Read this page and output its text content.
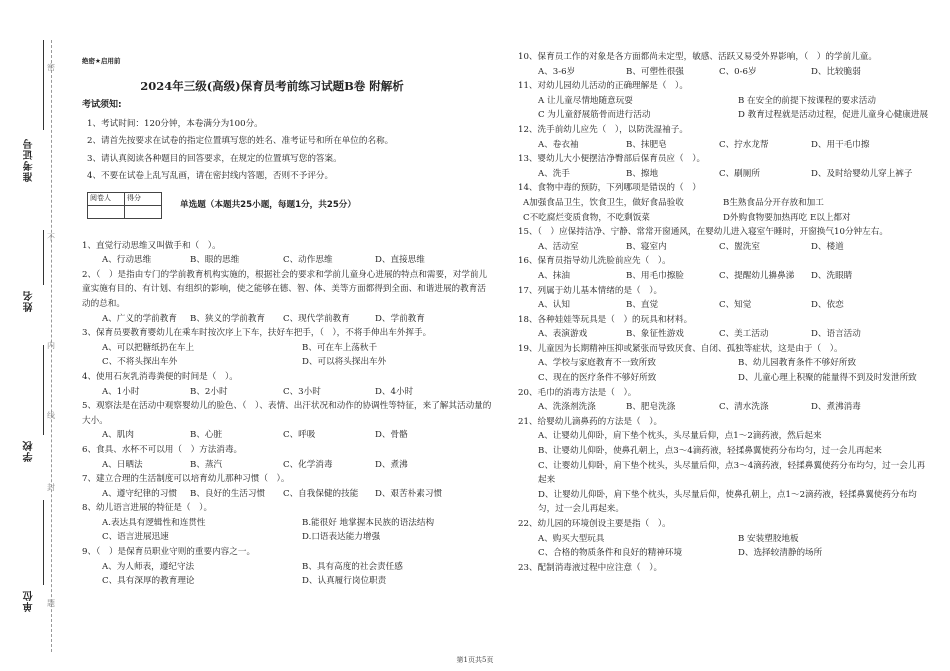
准考证号
姓名
学校
单位
密
不
内
线
封
题
绝密★启用前
2024年三级(高级)保育员考前练习试题B卷 附解析
考试须知:
1、考试时间：120分钟，本卷满分为100分。
2、请首先按要求在试卷的指定位置填写您的姓名、准考证号和所在单位的名称。
3、请认真阅读各种题目的回答要求，在规定的位置填写您的答案。
4、不要在试卷上乱写乱画，请在密封线内答题，否则不予评分。
阅卷人	得分

单选题（本题共25小题，每题1分，共25分）
1、直觉行动思维又叫做手和（　）。
A、行动思维	B、眼的思维	C、动作思维	D、直接思维
2、（　）是指由专门的学前教育机构实施的，根据社会的要求和学前儿童身心进展的特点和需要，对学前儿童实施有目的、有计划、有组织的影响，使之能够在德、智、体、美等方面都得到全面、和谐进展的教育活动的总和。
A、广义的学前教育	B、狭义的学前教育	C、现代学前教育	D、学前教育
3、保育员要教育婴幼儿在乘车时按次序上下车，扶好车把手，（　），不将手伸出车外挥手。
A、可以把糖纸扔在车上	B、可在车上荡秋千
C、不将头探出车外	D、可以将头探出车外
4、使用石灰乳消毒粪便的时间是（　）。
A、1小时	B、2小时	C、3小时	D、4小时
5、观察法是在活动中观察婴幼儿的脸色、（　）、表情、出汗状况和动作的协调性等特征，来了解其活动量的大小。
A、肌肉	B、心脏	C、呼吸	D、骨骼
6、食具、水杯不可以用（　）方法消毒。
A、日晒法	B、蒸汽	C、化学消毒	D、煮沸
7、建立合理的生活制度可以培育幼儿那种习惯（　）。
A、遵守纪律的习惯	B、良好的生活习惯	C、自我保健的技能	D、艰苦朴素习惯
8、幼儿语言进展的特征是（　）。
A.表达具有逻辑性和连贯性	B.能很好 地掌握本民族的语法结构
C、语言进展迅速	D.口语表达能力增强
9、（　）是保育员职业守则的重要内容之一。
A、为人师表，遵纪守法	B、具有高度的社会责任感
C、具有深厚的教育理论	D、认真履行岗位职责
10、保育员工作的对象是各方面都尚未定型，敏感、活跃又易受外界影响，（　）的学前儿童。
A、3-6岁	B、可塑性很强	C、0-6岁	D、比较脆弱
11、对幼儿园幼儿活动的正确理解是（　）。
A 让儿童尽情地随意玩耍	B 在安全的前提下按课程的要求活动
C 为儿童舒展筋骨而进行活动	D 教育过程就是活动过程，促进儿童身心健康进展
12、洗手前幼儿应先（　），以防洗湿袖子。
A、卷衣袖	B、抹肥皂	C、拧水龙帮	D、用干毛巾擦
13、婴幼儿大小便摆洁净臀部后保育员应（　）。
A、洗手	B、擦地	C、刷厕所	D、及时给婴幼儿穿上裤子
14、食物中毒的预防，下列哪项是错误的（　）
A加强食品卫生，饮食卫生，做好食品验收	B生熟食品分开存放和加工
C不吃腐烂变质食物，不吃剩饭菜	D外购食物要加热再吃 E以上都对
15、（　）应保持洁净、宁静、常常开窗通风，在婴幼儿进入寝室午睡时，开窗换气10分钟左右。
A、活动室	B、寝室内	C、盥洗室	D、楼道
16、保育员指导幼儿洗脸前应先（　）。
A、抹油	B、用毛巾擦脸	C、提醒幼儿擤鼻涕	D、洗眼睛
17、列属于幼儿基本情绪的是（　）。
A、认知	B、直觉	C、知觉	D、依恋
18、各种娃娃等玩具是（　）的玩具和材料。
A、表演游戏	B、象征性游戏	C、美工活动	D、语言活动
19、儿童因为长期精神压抑或紧张而导致厌食、自闭、孤独等症状，这是由于（　）。
A、学校与家庭教育不一致所致	B、幼儿园教育条件不够好所致
C、现在的医疗条件不够好所致	D、儿童心理上积聚的能量得不到及时发泄所致
20、毛巾的消毒方法是（　）。
A、洗涤剂洗涤	B、肥皂洗涤	C、清水洗涤	D、煮沸消毒
21、给婴幼儿滴鼻药的方法是（　）。
A、让婴幼儿仰卧，肩下垫个枕头，头尽量后仰，点1～2滴药液，然后起来
B、让婴幼儿仰卧，使鼻孔朝上，点3～4滴药液，轻揉鼻翼使药分布均匀，过一会儿再起来
C、让婴幼儿仰卧，肩下垫个枕头，头尽量后仰，点3～4滴药液，轻揉鼻翼使药分布均匀，过一会儿再起来
D、让婴幼儿仰卧，肩下垫个枕头，头尽量后仰，使鼻孔朝上，点1～2滴药液，轻揉鼻翼使药分布均匀，过一会儿再起来。
22、幼儿园的环境创设主要是指（　）。
A、购买大型玩具	B 安装塑胶地板
C、合格的物质条件和良好的精神环境	D、选择较清静的场所
23、配制消毒液过程中应注意（　）。
第1页共5页
